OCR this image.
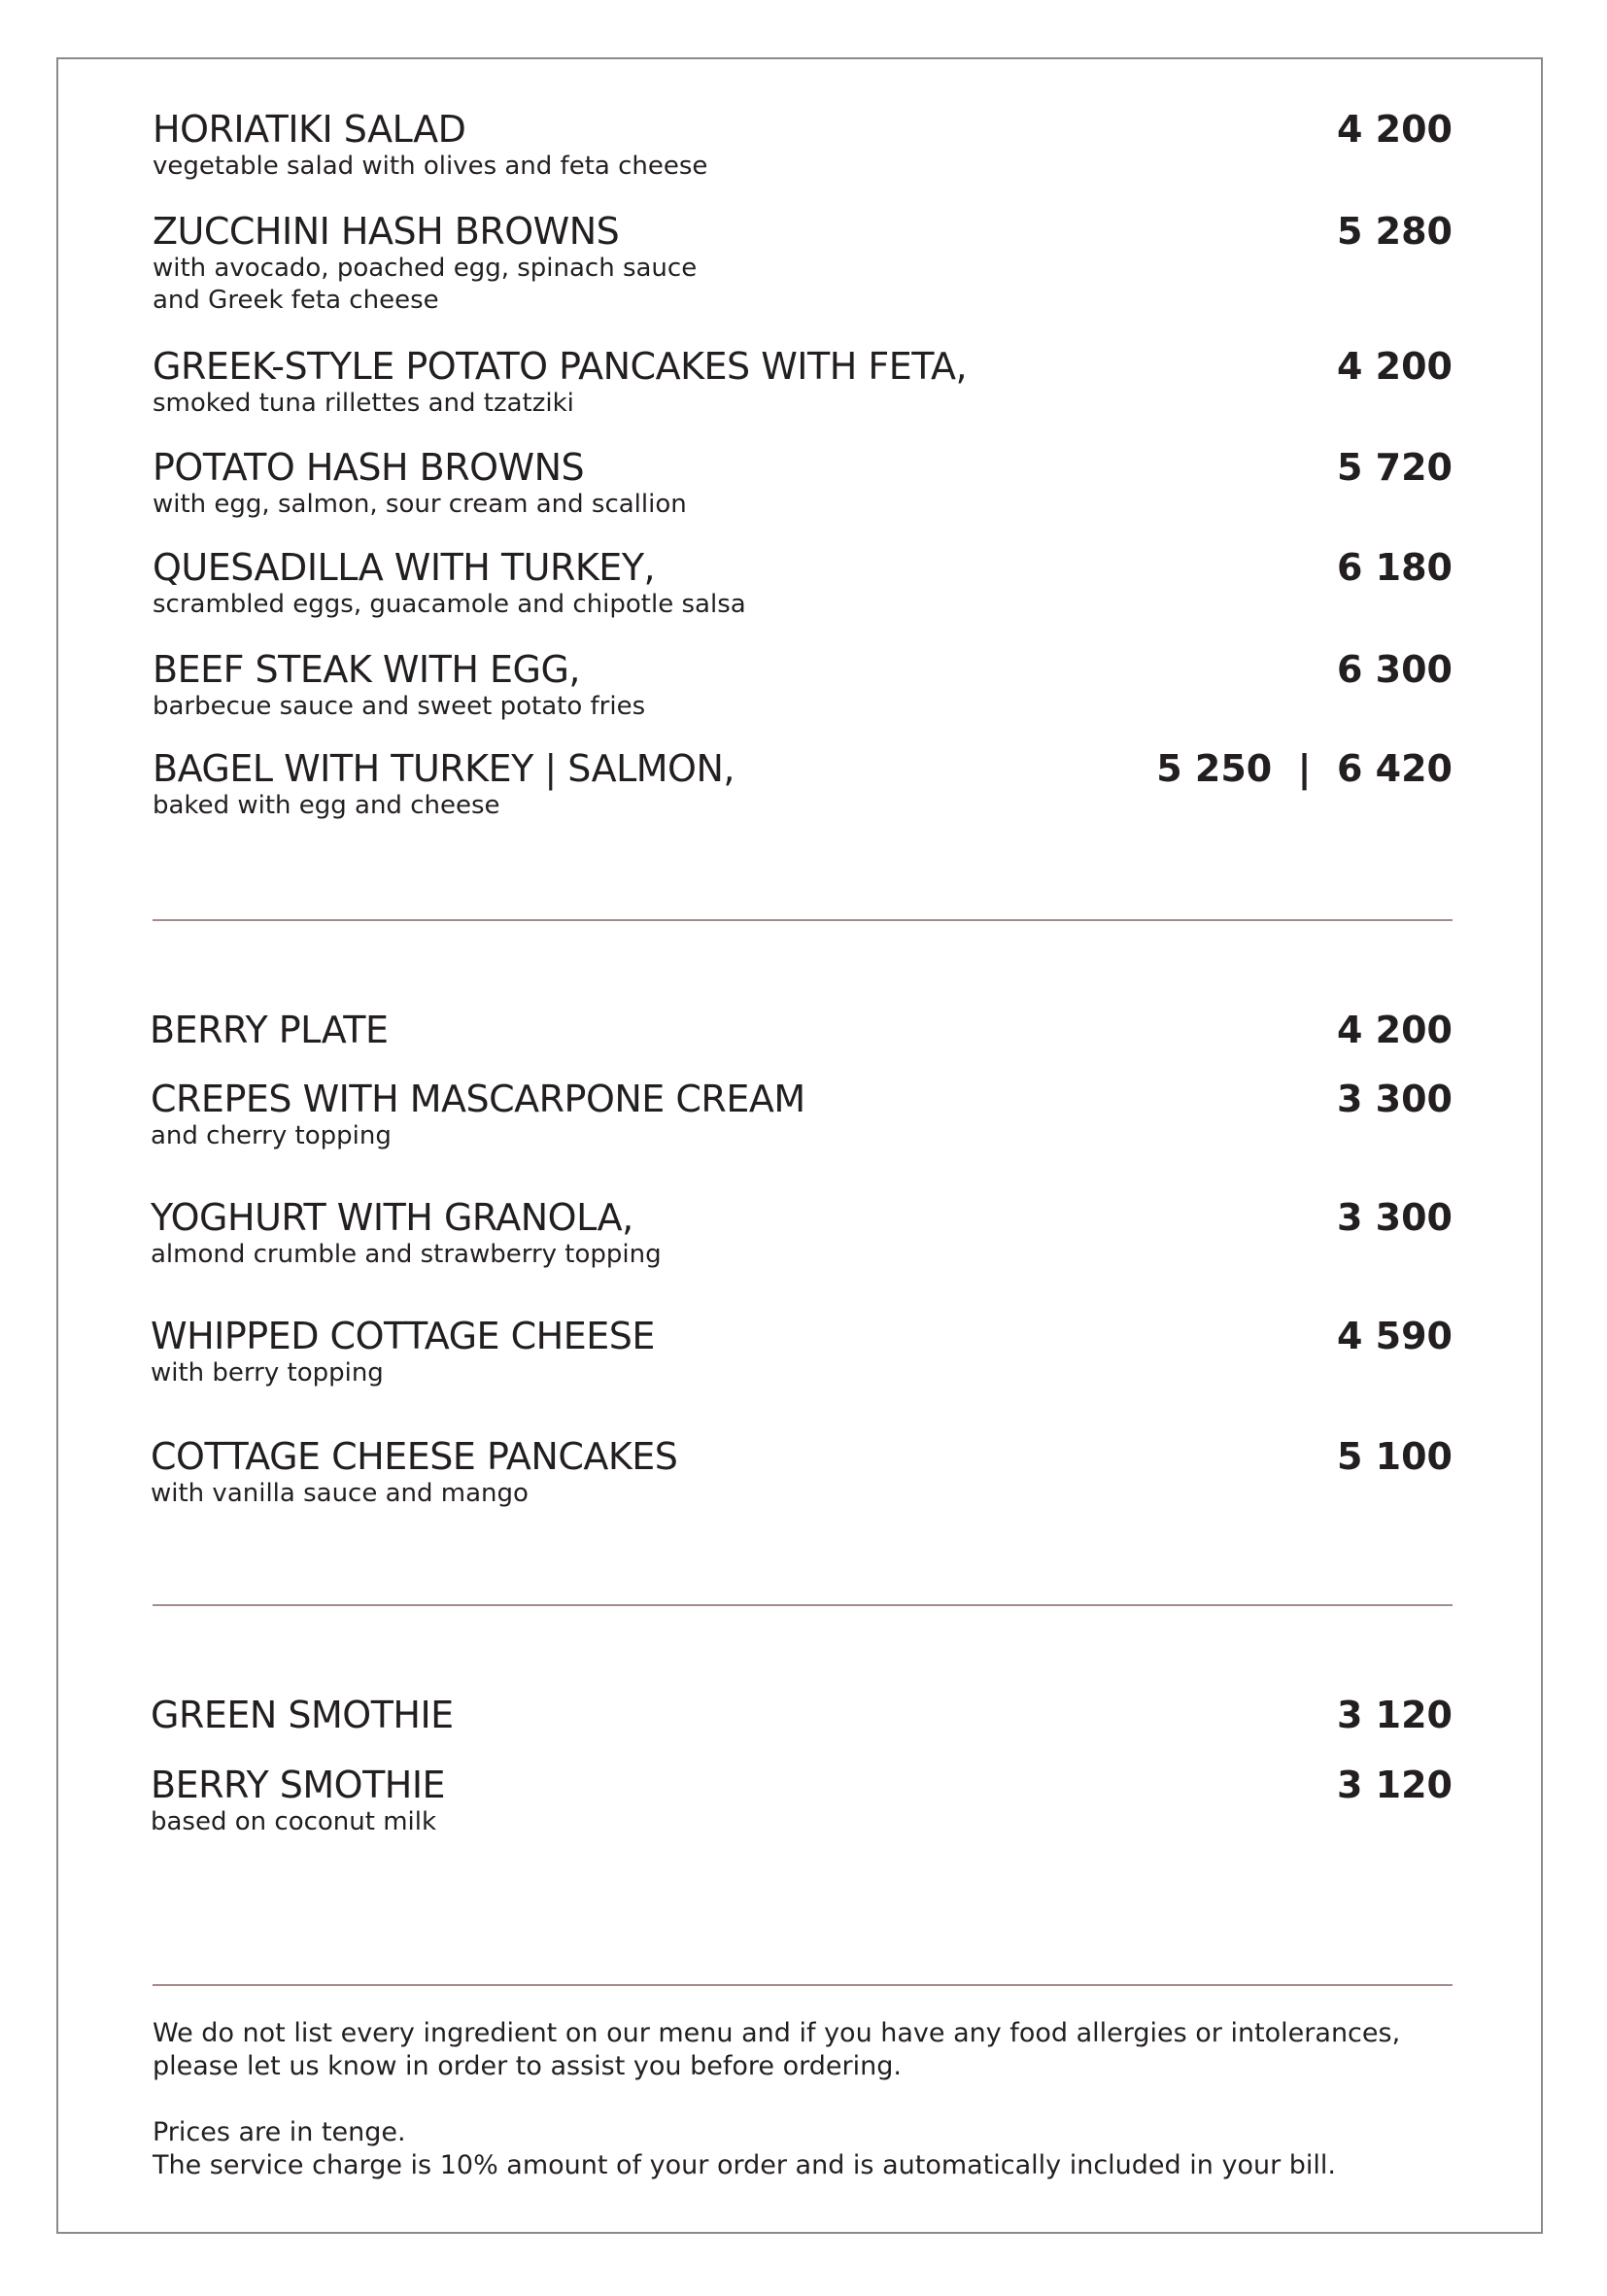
HORIATIKI SALAD
vegetable salad with olives and feta cheese
4 200
ZUCCHINI HASH BROWNS
with avocado, poached egg, spinach sauce
and Greek feta cheese
5 280
GREEK-STYLE POTATO PANCAKES WITH FETA,
smoked tuna rillettes and tzatziki
4 200
POTATO HASH BROWNS
with egg, salmon, sour cream and scallion
5 720
QUESADILLA WITH TURKEY,
scrambled eggs, guacamole and chipotle salsa
6 180
BEEF STEAK WITH EGG,
barbecue sauce and sweet potato fries
6 300
BAGEL WITH TURKEY | SALMON,
baked with egg and cheese
5 250  |  6 420
BERRY PLATE	4 200
CREPES WITH MASCARPONE CREAM
and cherry topping
3 300
YOGHURT WITH GRANOLA,
almond crumble and strawberry topping
3 300
WHIPPED COTTAGE CHEESE
with berry topping
4 590
COTTAGE CHEESE PANCAKES
with vanilla sauce and mango
5 100
GREEN SMOTHIE	3 120
BERRY SMOTHIE
based on coconut milk
3 120

We do not list every ingredient on our menu and if you have any food allergies or intolerances,

please let us know in order to assist you before ordering.

Prices are in tenge.

The service charge is 10% amount of your order and is automatically included in your bill.
